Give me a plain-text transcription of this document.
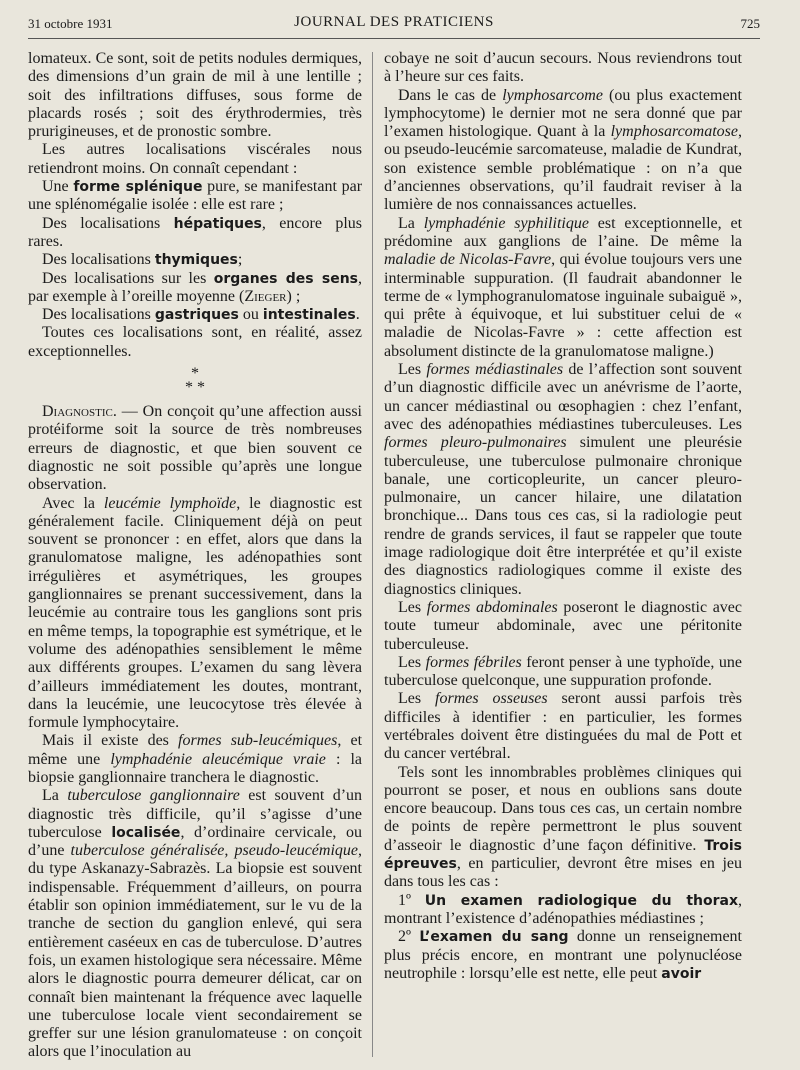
31 octobre 1931	JOURNAL DES PRATICIENS	725

lomateux. Ce sont, soit de petits nodules dermiques, des dimensions d’un grain de mil à une lentille ; soit des infiltrations diffuses, sous forme de placards rosés ; soit des érythrodermies, très prurigineuses, et de pronostic sombre.

Les autres localisations viscérales nous retiendront moins. On connaît cependant :

Une forme splénique pure, se manifestant par une splénomégalie isolée : elle est rare ;

Des localisations hépatiques, encore plus rares.

Des localisations thymiques;

Des localisations sur les organes des sens, par exemple à l’oreille moyenne (Zieger) ;

Des localisations gastriques ou intestinales.

Toutes ces localisations sont, en réalité, assez exceptionnelles.

*
* *

Diagnostic. — On conçoit qu’une affection aussi protéiforme soit la source de très nombreuses erreurs de diagnostic, et que bien souvent ce diagnostic ne soit possible qu’après une longue observation.

Avec la leucémie lymphoïde, le diagnostic est généralement facile. Cliniquement déjà on peut souvent se prononcer : en effet, alors que dans la granulomatose maligne, les adénopathies sont irrégulières et asymétriques, les groupes ganglionnaires se prenant successivement, dans la leucémie au contraire tous les ganglions sont pris en même temps, la topographie est symétrique, et le volume des adénopathies sensiblement le même aux différents groupes. L’examen du sang lèvera d’ailleurs immédiatement les doutes, montrant, dans la leucémie, une leucocytose très élevée à formule lymphocytaire.

Mais il existe des formes sub-leucémiques, et même une lymphadénie aleucémique vraie : la biopsie ganglionnaire tranchera le diagnostic.

La tuberculose ganglionnaire est souvent d’un diagnostic très difficile, qu’il s’agisse d’une tuberculose localisée, d’ordinaire cervicale, ou d’une tuberculose généralisée, pseudo-leucémique, du type Askanazy-Sabrazès. La biopsie est souvent indispensable. Fréquemment d’ailleurs, on pourra établir son opinion immédiatement, sur le vu de la tranche de section du ganglion enlevé, qui sera entièrement caséeux en cas de tuberculose. D’autres fois, un examen histologique sera nécessaire. Même alors le diagnostic pourra demeurer délicat, car on connaît bien maintenant la fréquence avec laquelle une tuberculose locale vient secondairement se greffer sur une lésion granulomateuse : on conçoit alors que l’inoculation au

cobaye ne soit d’aucun secours. Nous reviendrons tout à l’heure sur ces faits.

Dans le cas de lymphosarcome (ou plus exactement lymphocytome) le dernier mot ne sera donné que par l’examen histologique. Quant à la lymphosarcomatose, ou pseudo-leucémie sarcomateuse, maladie de Kundrat, son existence semble problématique : on n’a que d’anciennes observations, qu’il faudrait reviser à la lumière de nos connaissances actuelles.

La lymphadénie syphilitique est exceptionnelle, et prédomine aux ganglions de l’aine. De même la maladie de Nicolas-Favre, qui évolue toujours vers une interminable suppuration. (Il faudrait abandonner le terme de « lymphogranulomatose inguinale subaiguë », qui prête à équivoque, et lui substituer celui de « maladie de Nicolas-Favre » : cette affection est absolument distincte de la granulomatose maligne.)

Les formes médiastinales de l’affection sont souvent d’un diagnostic difficile avec un anévrisme de l’aorte, un cancer médiastinal ou œsophagien : chez l’enfant, avec des adénopathies médiastines tuberculeuses. Les formes pleuro-pulmonaires simulent une pleurésie tuberculeuse, une tuberculose pulmonaire chronique banale, une corticopleurite, un cancer pleuro-pulmonaire, un cancer hilaire, une dilatation bronchique... Dans tous ces cas, si la radiologie peut rendre de grands services, il faut se rappeler que toute image radiologique doit être interprétée et qu’il existe des diagnostics radiologiques comme il existe des diagnostics cliniques.

Les formes abdominales poseront le diagnostic avec toute tumeur abdominale, avec une péritonite tuberculeuse.

Les formes fébriles feront penser à une typhoïde, une tuberculose quelconque, une suppuration profonde.

Les formes osseuses seront aussi parfois très difficiles à identifier : en particulier, les formes vertébrales doivent être distinguées du mal de Pott et du cancer vertébral.

Tels sont les innombrables problèmes cliniques qui pourront se poser, et nous en oublions sans doute encore beaucoup. Dans tous ces cas, un certain nombre de points de repère permettront le plus souvent d’asseoir le diagnostic d’une façon définitive. Trois épreuves, en particulier, devront être mises en jeu dans tous les cas :

1º Un examen radiologique du thorax, montrant l’existence d’adénopathies médiastines ;

2º L’examen du sang donne un renseignement plus précis encore, en montrant une polynucléose neutrophile : lorsqu’elle est nette, elle peut avoir
